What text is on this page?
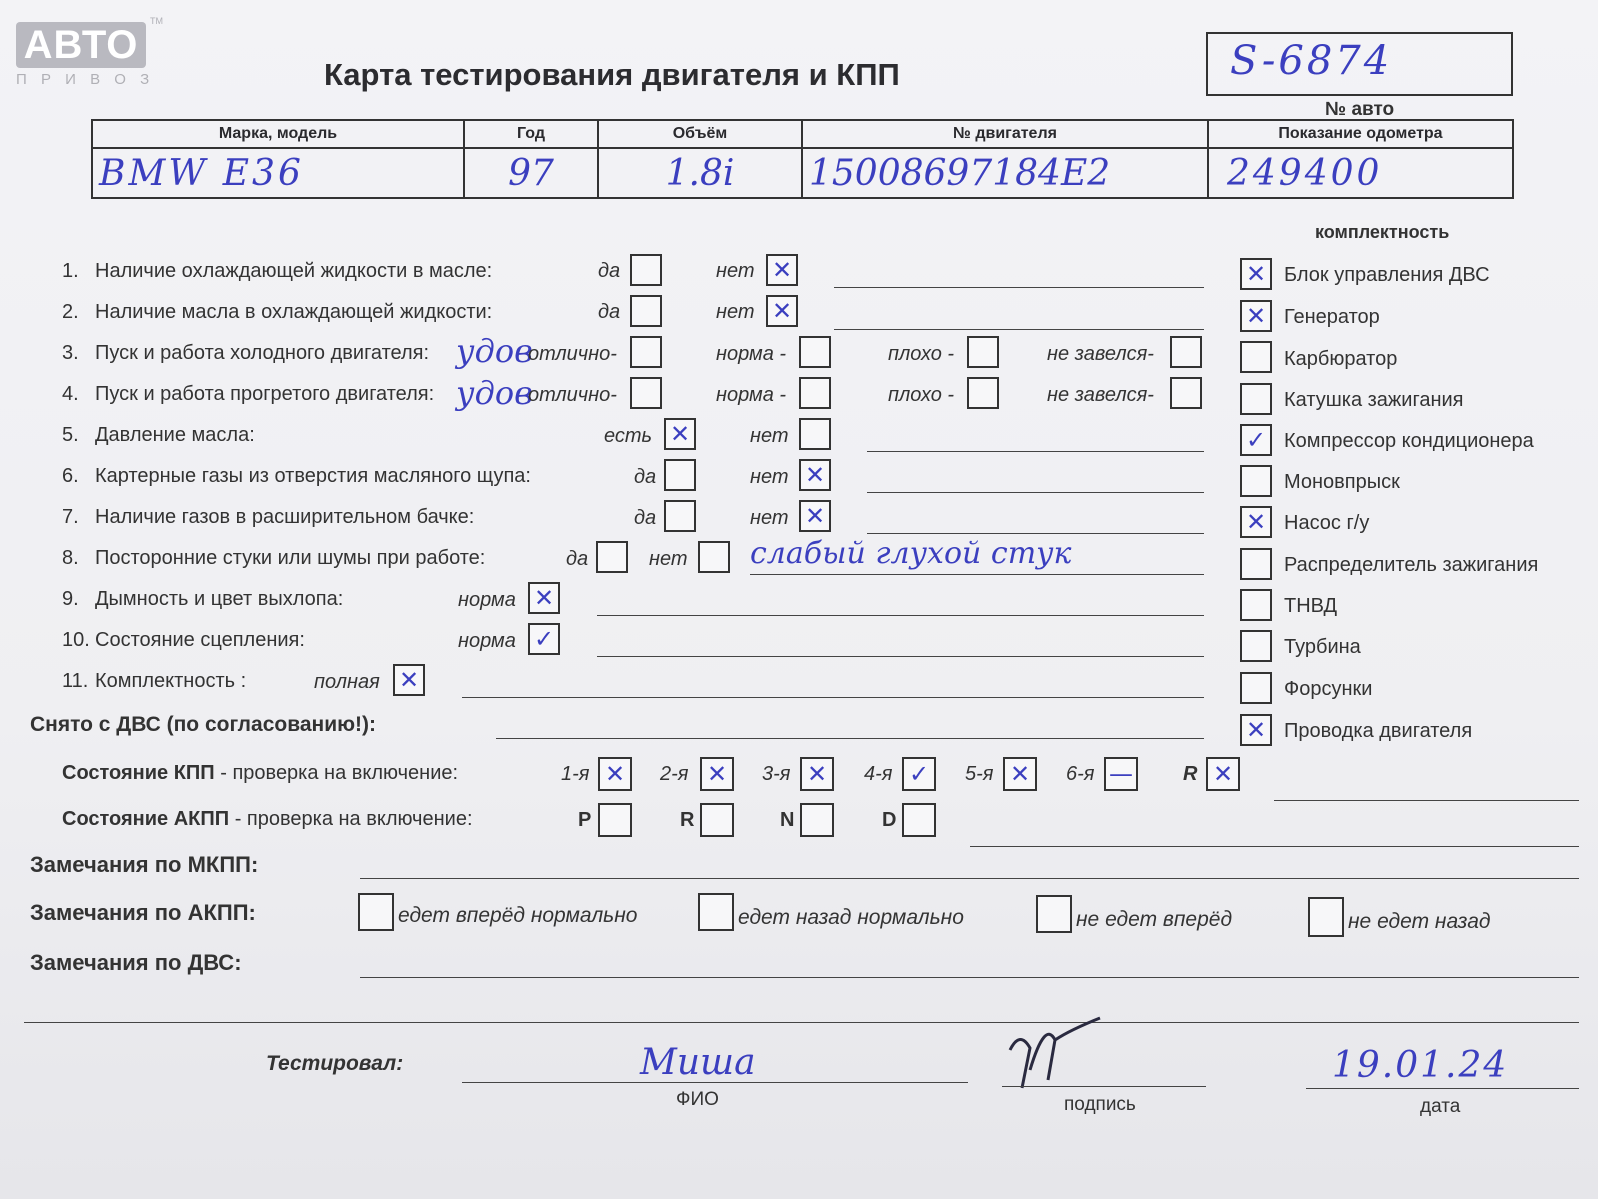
АВТО
П Р И В О З
TM
Карта тестирования двигателя и КПП	S-6874
№ авто
Марка, модель	Год	Объём	№ двигателя	Показание одометра
BMW E36	97	1.8i	15008697184Е2	249400
комплектность
✕ Блок управления ДВС
✕ Генератор
Карбюратор
Катушка зажигания
✓ Компрессор кондиционера
Моновпрыск
✕ Насос г/у
Распределитель зажигания
ТНВД
Турбина
Форсунки
✕ Проводка двигателя
1. Наличие охлаждающей жидкости в масле:	да	нет ✕
2. Наличие масла в охлаждающей жидкости:	да	нет ✕
3. Пуск и работа холодного двигателя: удов
отлично-	норма -	плохо -	не завелся-
4. Пуск и работа прогретого двигателя: удов
отлично-	норма -	плохо -	не завелся-
5. Давление масла:	есть ✕	нет
6. Картерные газы из отверстия масляного щупа:	да	нет ✕
7. Наличие газов в расширительном бачке:	да	нет ✕
8. Посторонние стуки или шумы при работе:	да	нет слабый глухой стук
9. Дымность и цвет выхлопа:	норма ✕
10. Состояние сцепления:	норма ✓
11. Комплектность :	полная ✕
Снято с ДВС (по согласованию!):
Состояние КПП - проверка на включение:	1-я ✕ 2-я ✕ 3-я ✕ 4-я ✓ 5-я ✕ 6-я —	R ✕
Состояние АКПП - проверка на включение:	P	R	N	D
Замечания по МКПП:
Замечания по АКПП:	едет вперёд нормально	едет назад нормально	не едет вперёд	не едет назад
Замечания по ДВС:
Тестировал:	Миша
ФИО	подпись
19.01.24
дата
